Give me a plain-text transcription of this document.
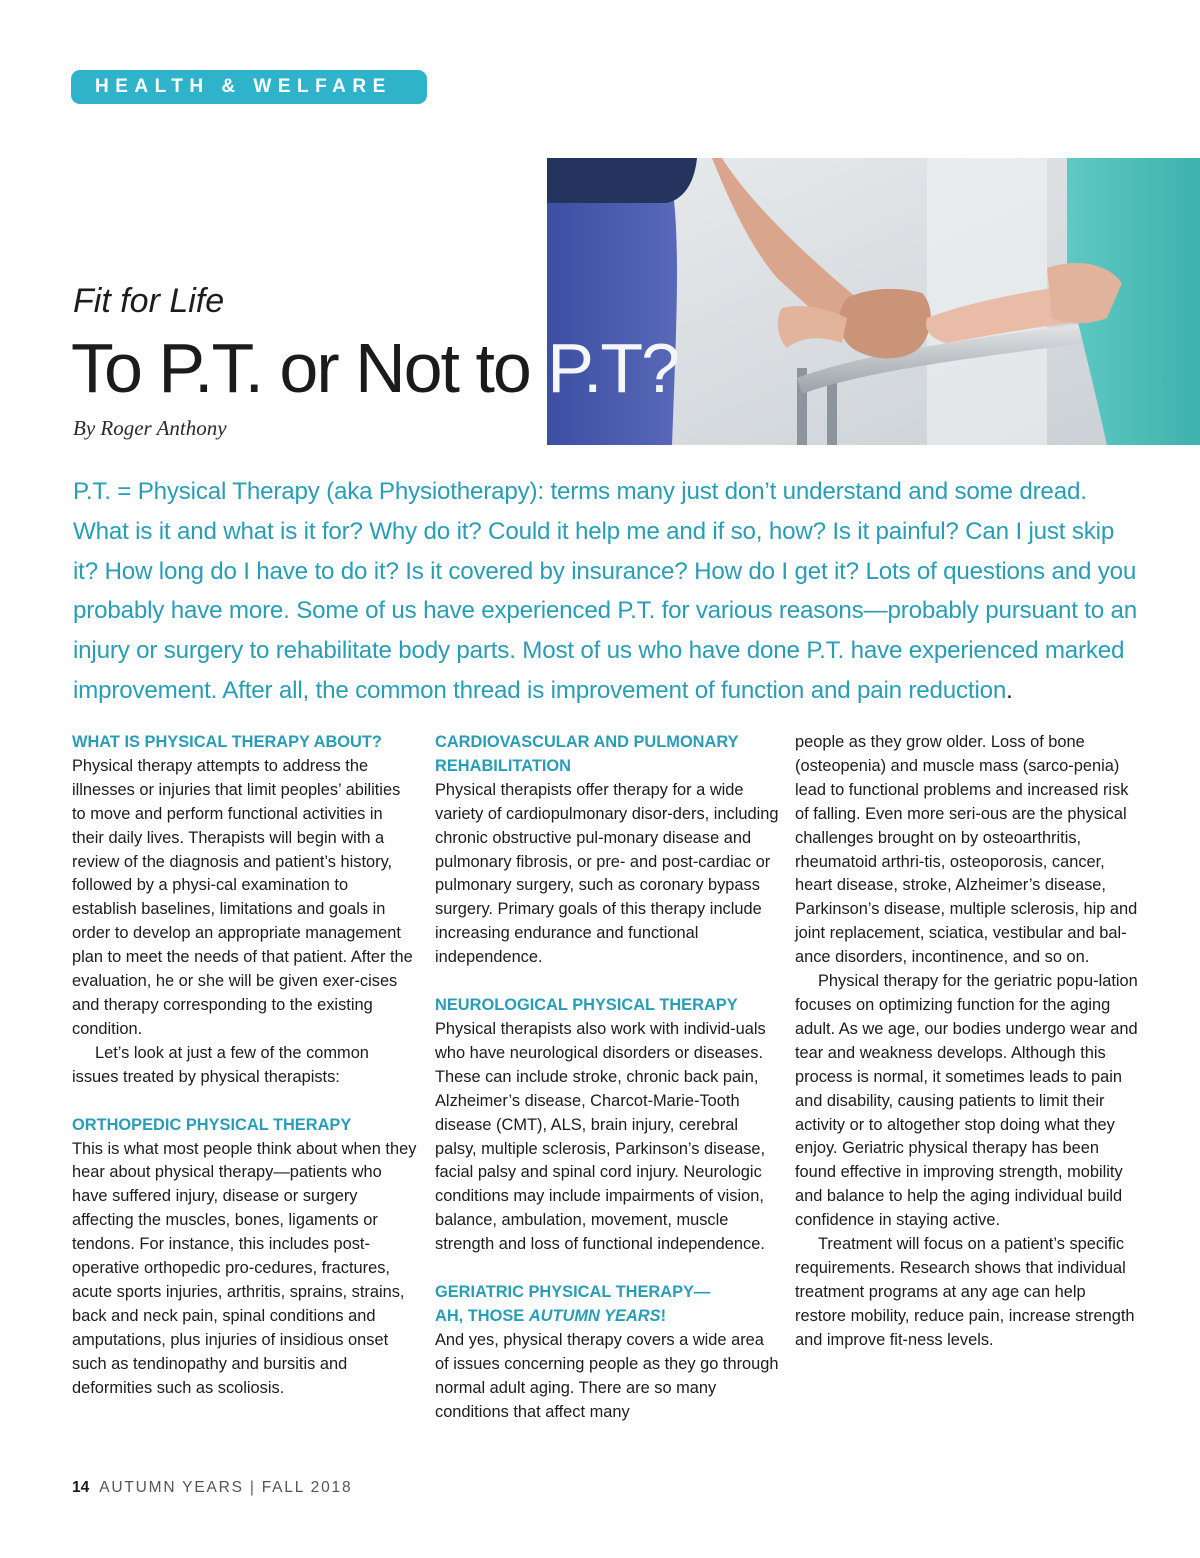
HEALTH & WELFARE
Fit for Life
To P.T. or Not to P.T?
By Roger Anthony

P.T. = Physical Therapy (aka Physiotherapy): terms many just don’t understand and some dread. What is it and what is it for? Why do it? Could it help me and if so, how? Is it painful? Can I just skip it? How long do I have to do it? Is it covered by insurance? How do I get it? Lots of questions and you probably have more. Some of us have experienced P.T. for various reasons—probably pursuant to an injury or surgery to rehabilitate body parts. Most of us who have done P.T. have experienced marked improvement. After all, the common thread is improvement of function and pain reduction.

WHAT IS PHYSICAL THERAPY ABOUT?

Physical therapy attempts to address the illnesses or injuries that limit peoples’ abilities to move and perform functional activities in their daily lives. Therapists will begin with a review of the diagnosis and patient’s history, followed by a physi-cal examination to establish baselines, limitations and goals in order to develop an appropriate management plan to meet the needs of that patient. After the evaluation, he or she will be given exer-cises and therapy corresponding to the existing condition.

Let’s look at just a few of the common issues treated by physical therapists:

ORTHOPEDIC PHYSICAL THERAPY

This is what most people think about when they hear about physical therapy—patients who have suffered injury, disease or surgery affecting the muscles, bones, ligaments or tendons. For instance, this includes post-operative orthopedic pro-cedures, fractures, acute sports injuries, arthritis, sprains, strains, back and neck pain, spinal conditions and amputations, plus injuries of insidious onset such as tendinopathy and bursitis and deformities such as scoliosis.

CARDIOVASCULAR AND PULMONARY REHABILITATION

Physical therapists offer therapy for a wide variety of cardiopulmonary disor-ders, including chronic obstructive pul-monary disease and pulmonary fibrosis, or pre- and post-cardiac or pulmonary surgery, such as coronary bypass surgery. Primary goals of this therapy include increasing endurance and functional independence.

NEUROLOGICAL PHYSICAL THERAPY

Physical therapists also work with individ-uals who have neurological disorders or diseases. These can include stroke, chronic back pain, Alzheimer’s disease, Charcot-Marie-Tooth disease (CMT), ALS, brain injury, cerebral palsy, multiple sclerosis, Parkinson’s disease, facial palsy and spinal cord injury. Neurologic conditions may include impairments of vision, balance, ambulation, movement, muscle strength and loss of functional independence.

GERIATRIC PHYSICAL THERAPY—
AH, THOSE AUTUMN YEARS!

And yes, physical therapy covers a wide area of issues concerning people as they go through normal adult aging. There are so many conditions that affect many

people as they grow older. Loss of bone (osteopenia) and muscle mass (sarco-penia) lead to functional problems and increased risk of falling. Even more seri-ous are the physical challenges brought on by osteoarthritis, rheumatoid arthri-tis, osteoporosis, cancer, heart disease, stroke, Alzheimer’s disease, Parkinson’s disease, multiple sclerosis, hip and joint replacement, sciatica, vestibular and bal-ance disorders, incontinence, and so on.

Physical therapy for the geriatric popu-lation focuses on optimizing function for the aging adult. As we age, our bodies undergo wear and tear and weakness develops. Although this process is normal, it sometimes leads to pain and disability, causing patients to limit their activity or to altogether stop doing what they enjoy. Geriatric physical therapy has been found effective in improving strength, mobility and balance to help the aging individual build confidence in staying active.

Treatment will focus on a patient’s specific requirements. Research shows that individual treatment programs at any age can help restore mobility, reduce pain, increase strength and improve fit-ness levels.

14 AUTUMN YEARS | FALL 2018
